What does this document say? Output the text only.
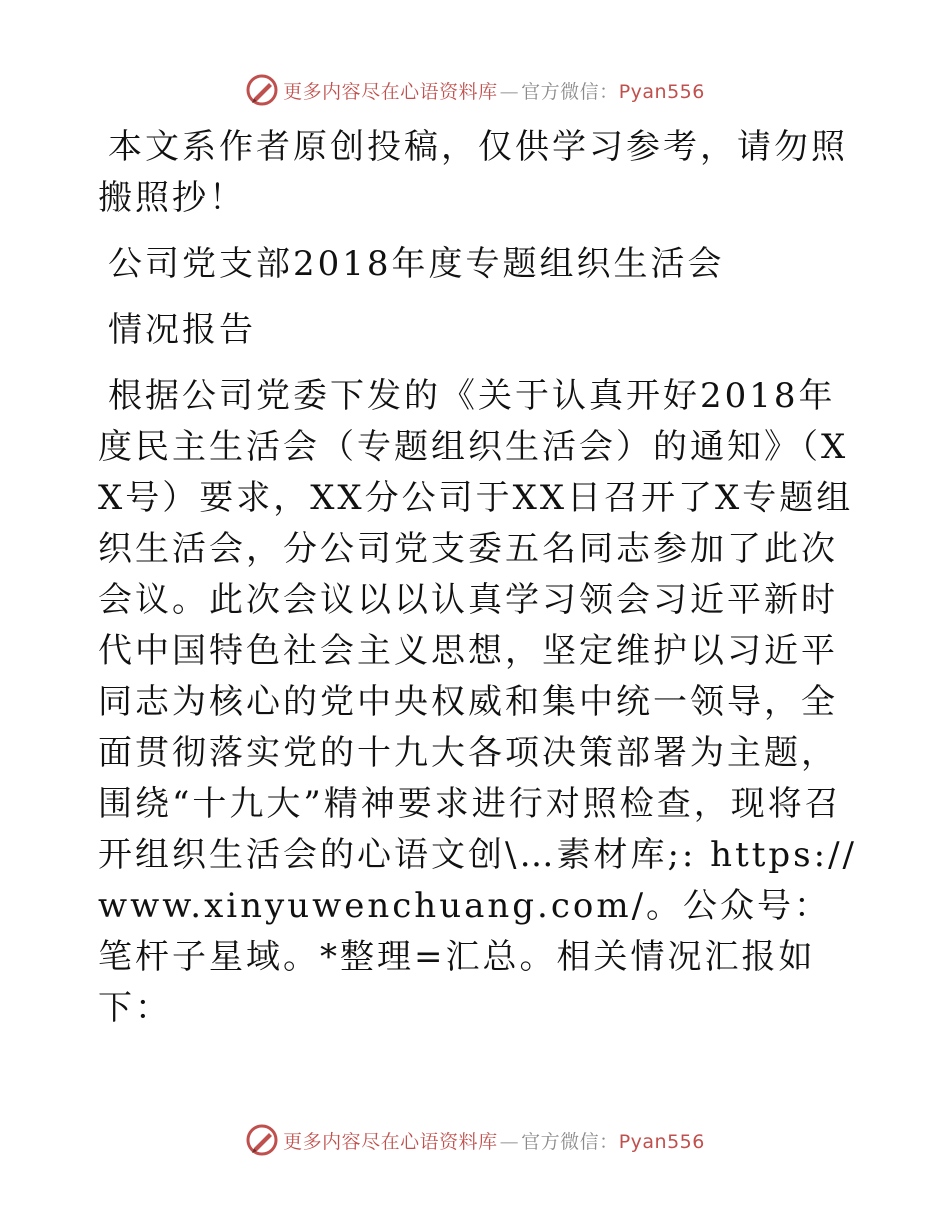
更多内容尽在心语资料库 — 官方微信：Pyan556

本文系作者原创投稿，仅供学习参考，请勿照搬照抄！

公司党支部2018年度专题组织生活会

情况报告

根据公司党委下发的《关于认真开好2018年度民主生活会（专题组织生活会）的通知》（XX号）要求，XX分公司于XX日召开了X专题组织生活会，分公司党支委五名同志参加了此次会议。此次会议以以认真学习领会习近平新时代中国特色社会主义思想，坚定维护以习近平同志为核心的党中央权威和集中统一领导，全面贯彻落实党的十九大各项决策部署为主题，围绕“十九大”精神要求进行对照检查，现将召开组织生活会的心语文创\…素材库;: https://www.xinyuwenchuang.com/。公众号：笔杆子星域。*整理=汇总。相关情况汇报如下：

更多内容尽在心语资料库 — 官方微信：Pyan556
